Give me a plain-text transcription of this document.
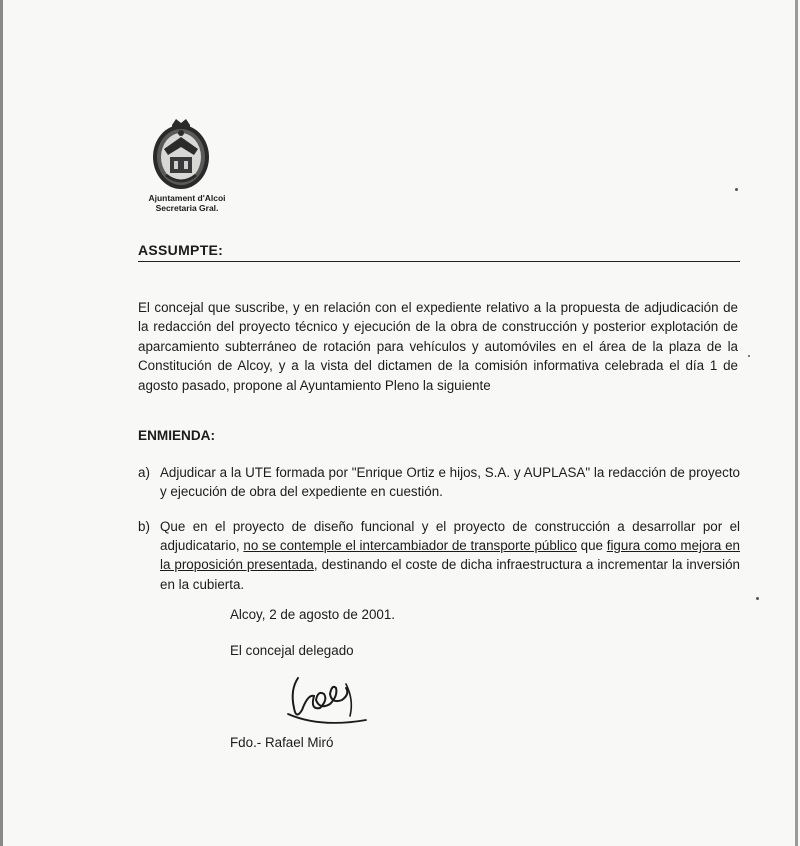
Ajuntament d'Alcoi
Secretaria Gral.
ASSUMPTE:
El concejal que suscribe, y en relación con el expediente relativo a la propuesta de adjudicación de la redacción del proyecto técnico y ejecución de la obra de construcción y posterior explotación de aparcamiento subterráneo de rotación para vehículos y automóviles en el área de la plaza de la Constitución de Alcoy, y a la vista del dictamen de la comisión informativa celebrada el día 1 de agosto pasado, propone al Ayuntamiento Pleno la siguiente
ENMIENDA:
a) Adjudicar a la UTE formada por "Enrique Ortiz e hijos, S.A. y AUPLASA" la redacción de proyecto y ejecución de obra del expediente en cuestión.
b) Que en el proyecto de diseño funcional y el proyecto de construcción a desarrollar por el adjudicatario, no se contemple el intercambiador de transporte público que figura como mejora en la proposición presentada, destinando el coste de dicha infraestructura a incrementar la inversión en la cubierta.
Alcoy, 2 de agosto de 2001.
El concejal delegado
Fdo.- Rafael Miró
